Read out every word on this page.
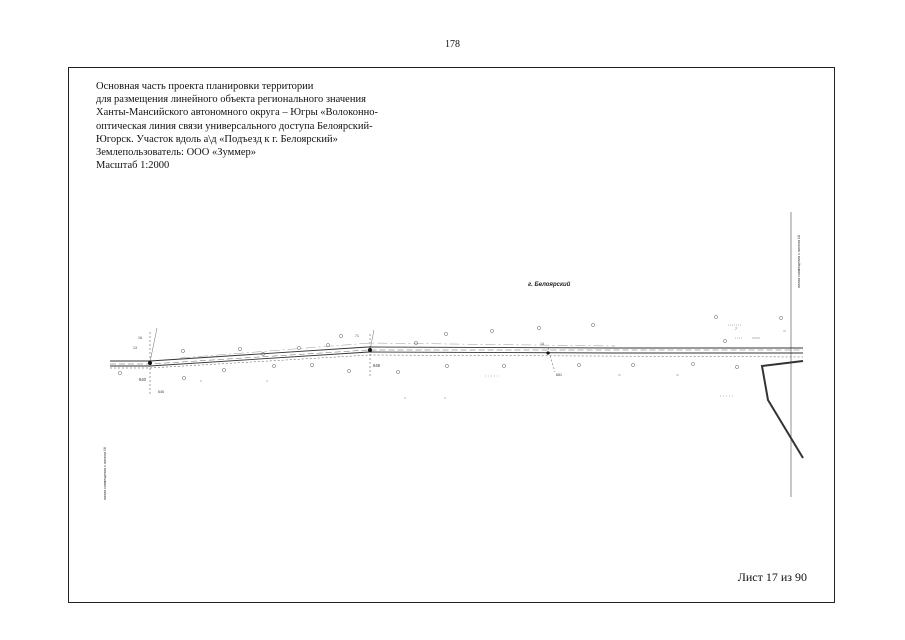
178
Основная часть проекта планировки территории
для размещения линейного объекта регионального значения
Ханты-Мансийского автономного округа – Югры «Волоконно-
оптическая линия связи универсального доступа Белоярский-
Югорск. Участок вдоль а\д «Подъезд к г. Белоярский»
Землепользователь: ООО «Зуммер»
Масштаб 1:2000
линия совмещения с листом 18
линия совмещения с листом 16
г. Белоярский
640
648
645
651
13
16	71
7
14
Лист 17 из 90
